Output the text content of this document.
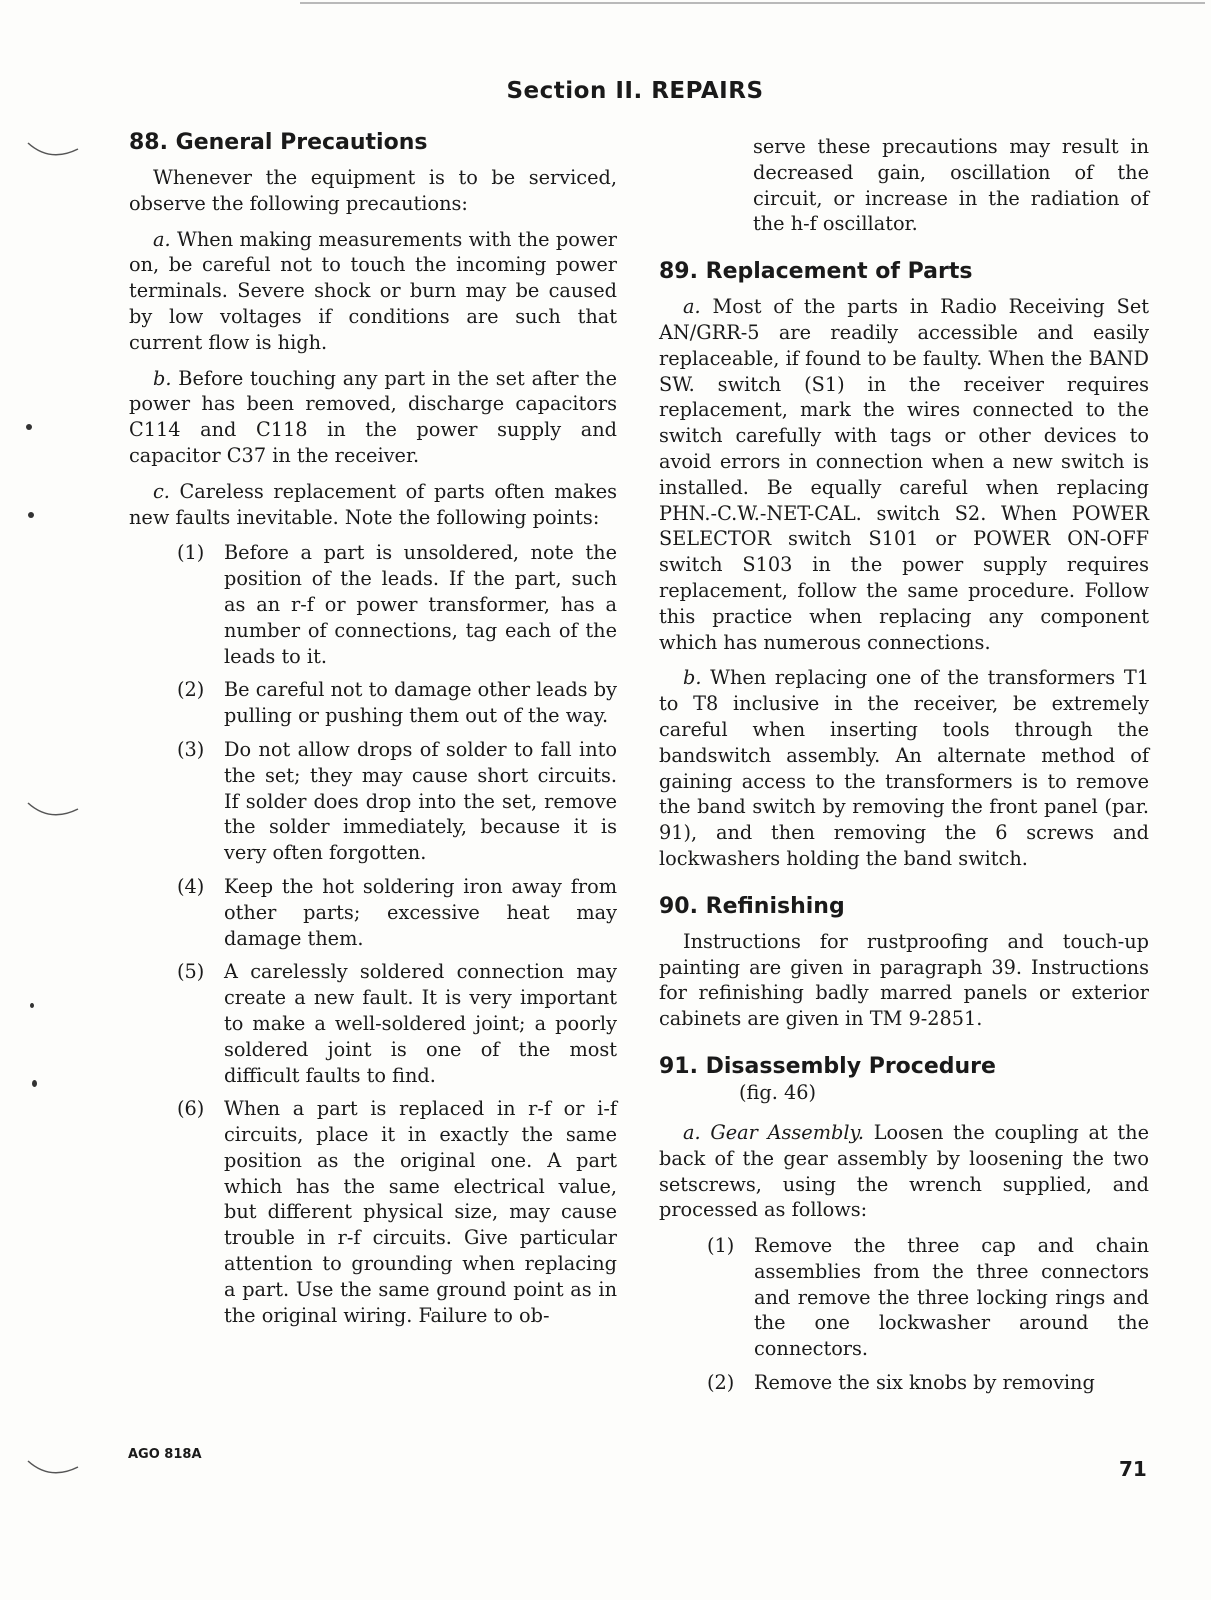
Section II. REPAIRS
88. General Precautions

Whenever the equipment is to be serviced, observe the following precautions:

a. When making measurements with the power on, be careful not to touch the incoming power terminals. Severe shock or burn may be caused by low voltages if conditions are such that current flow is high.

b. Before touching any part in the set after the power has been removed, discharge capacitors C114 and C118 in the power supply and capacitor C37 in the receiver.

c. Careless replacement of parts often makes new faults inevitable. Note the following points:

(1)	Before a part is unsoldered, note the position of the leads. If the part, such as an r-f or power transformer, has a number of connections, tag each of the leads to it.
(2)	Be careful not to damage other leads by pulling or pushing them out of the way.
(3)	Do not allow drops of solder to fall into the set; they may cause short circuits. If solder does drop into the set, remove the solder immediately, because it is very often forgotten.
(4)	Keep the hot soldering iron away from other parts; excessive heat may damage them.
(5)	A carelessly soldered connection may create a new fault. It is very important to make a well-soldered joint; a poorly soldered joint is one of the most difficult faults to find.
(6)	When a part is replaced in r-f or i-f circuits, place it in exactly the same position as the original one. A part which has the same electrical value, but different physical size, may cause trouble in r-f circuits. Give particular attention to grounding when replacing a part. Use the same ground point as in the original wiring. Failure to ob-

serve these precautions may result in decreased gain, oscillation of the circuit, or increase in the radiation of the h-f oscillator.

89. Replacement of Parts

a. Most of the parts in Radio Receiving Set AN/GRR-5 are readily accessible and easily replaceable, if found to be faulty. When the BAND SW. switch (S1) in the receiver requires replacement, mark the wires connected to the switch carefully with tags or other devices to avoid errors in connection when a new switch is installed. Be equally careful when replacing PHN.-C.W.-NET-CAL. switch S2. When POWER SELECTOR switch S101 or POWER ON-OFF switch S103 in the power supply requires replacement, follow the same procedure. Follow this practice when replacing any component which has numerous connections.

b. When replacing one of the transformers T1 to T8 inclusive in the receiver, be extremely careful when inserting tools through the bandswitch assembly. An alternate method of gaining access to the transformers is to remove the band switch by removing the front panel (par. 91), and then removing the 6 screws and lockwashers holding the band switch.

90. Refinishing

Instructions for rustproofing and touch-up painting are given in paragraph 39. Instructions for refinishing badly marred panels or exterior cabinets are given in TM 9-2851.

91. Disassembly Procedure
(fig. 46)

a. Gear Assembly. Loosen the coupling at the back of the gear assembly by loosening the two setscrews, using the wrench supplied, and processed as follows:

(1)	Remove the three cap and chain assemblies from the three connectors and remove the three locking rings and the one lockwasher around the connectors.
(2)	Remove the six knobs by removing
AGO 818A
71
